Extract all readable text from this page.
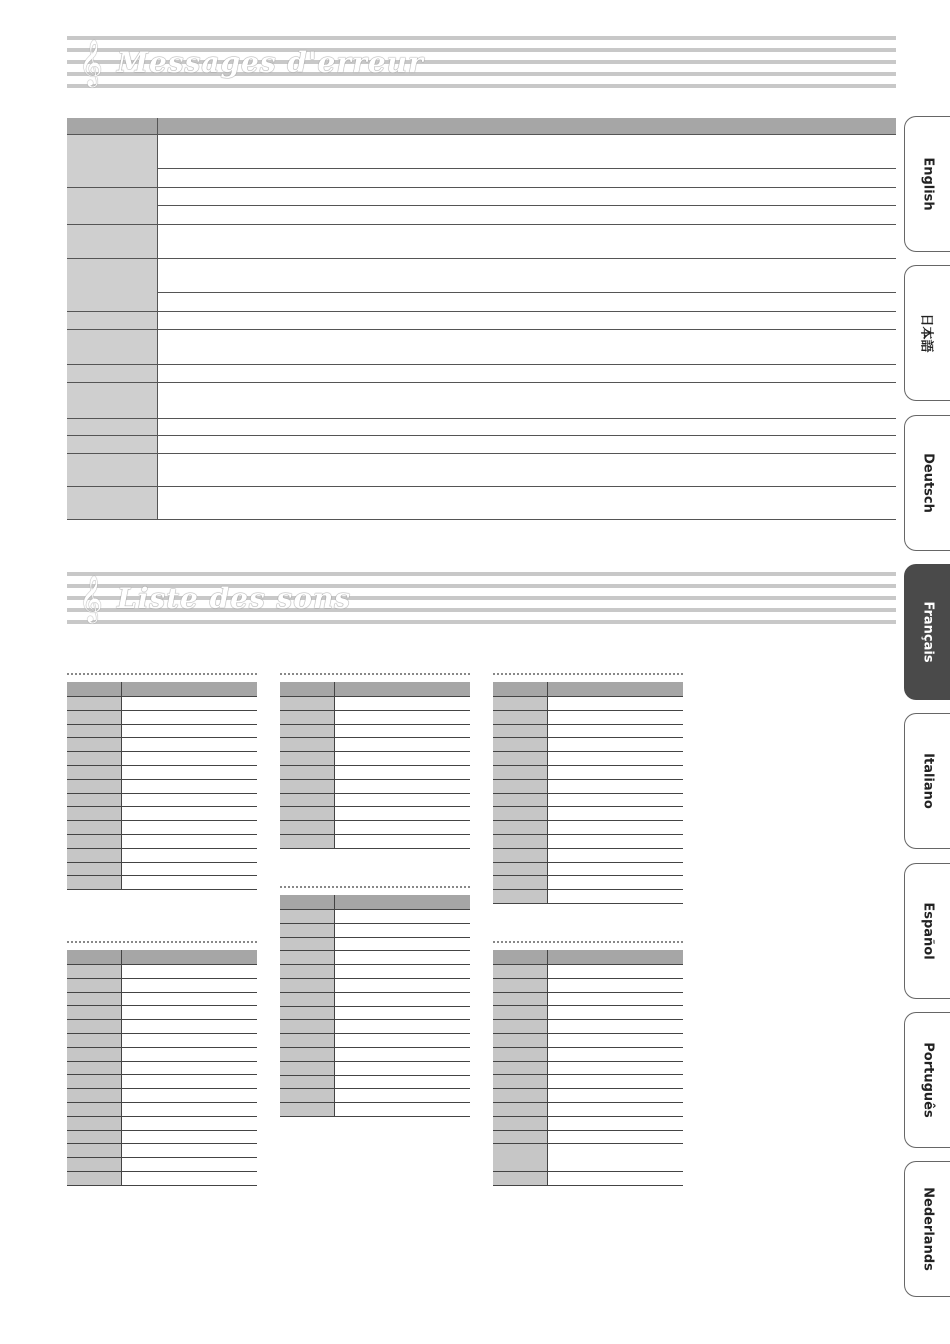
𝄞 Messages d'erreur
𝄞 Liste des sons
English
日本語
Deutsch
Français
Italiano
Español
Português
Nederlands
